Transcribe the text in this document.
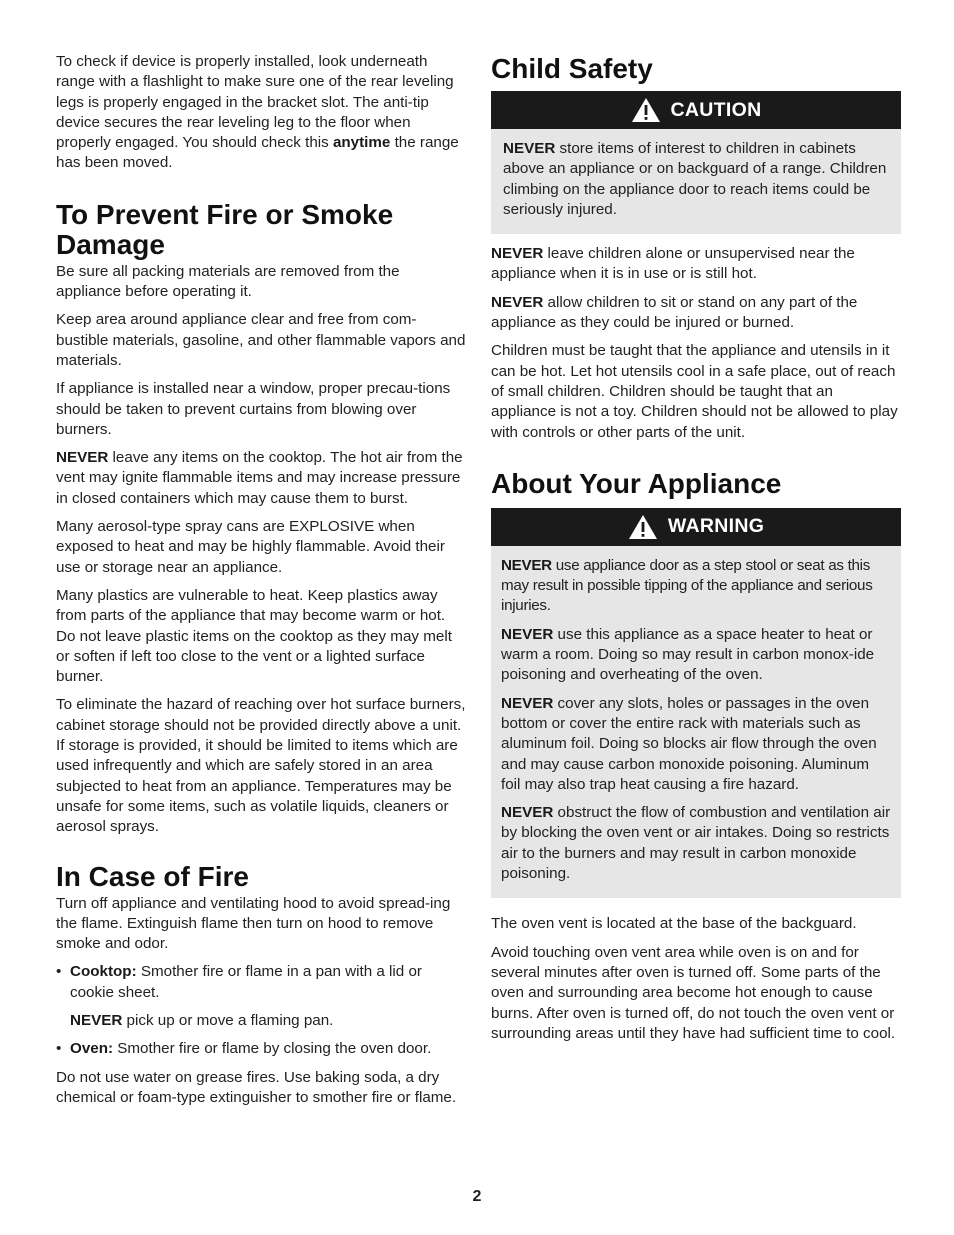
To check if device is properly installed, look underneath range with a flashlight to make sure one of the rear leveling legs is properly engaged in the bracket slot. The anti-tip device secures the rear leveling leg to the floor when properly engaged. You should check this anytime the range has been moved.

To Prevent Fire or Smoke Damage

Be sure all packing materials are removed from the appliance before operating it.

Keep area around appliance clear and free from com-bustible materials, gasoline, and other flammable vapors and materials.

If appliance is installed near a window, proper precau-tions should be taken to prevent curtains from blowing over burners.

NEVER leave any items on the cooktop. The hot air from the vent may ignite flammable items and may increase pressure in closed containers which may cause them to burst.

Many aerosol-type spray cans are EXPLOSIVE when exposed to heat and may be highly flammable. Avoid their use or storage near an appliance.

Many plastics are vulnerable to heat. Keep plastics away from parts of the appliance that may become warm or hot. Do not leave plastic items on the cooktop as they may melt or soften if left too close to the vent or a lighted surface burner.

To eliminate the hazard of reaching over hot surface burners, cabinet storage should not be provided directly above a unit. If storage is provided, it should be limited to items which are used infrequently and which are safely stored in an area subjected to heat from an appliance. Temperatures may be unsafe for some items, such as volatile liquids, cleaners or aerosol sprays.

In Case of Fire

Turn off appliance and ventilating hood to avoid spread-ing the flame. Extinguish flame then turn on hood to remove smoke and odor.

• Cooktop: Smother fire or flame in a pan with a lid or cookie sheet.

NEVER pick up or move a flaming pan.

• Oven: Smother fire or flame by closing the oven door.

Do not use water on grease fires. Use baking soda, a dry chemical or foam-type extinguisher to smother fire or flame.

Child Safety
CAUTION

NEVER store items of interest to children in cabinets above an appliance or on backguard of a range. Children climbing on the appliance door to reach items could be seriously injured.

NEVER leave children alone or unsupervised near the appliance when it is in use or is still hot.

NEVER allow children to sit or stand on any part of the appliance as they could be injured or burned.

Children must be taught that the appliance and utensils in it can be hot. Let hot utensils cool in a safe place, out of reach of small children. Children should be taught that an appliance is not a toy. Children should not be allowed to play with controls or other parts of the unit.

About Your Appliance
WARNING

NEVER use appliance door as a step stool or seat as this may result in possible tipping of the appliance and serious injuries.

NEVER use this appliance as a space heater to heat or warm a room. Doing so may result in carbon monox-ide poisoning and overheating of the oven.

NEVER cover any slots, holes or passages in the oven bottom or cover the entire rack with materials such as aluminum foil. Doing so blocks air flow through the oven and may cause carbon monoxide poisoning. Aluminum foil may also trap heat causing a fire hazard.

NEVER obstruct the flow of combustion and ventilation air by blocking the oven vent or air intakes. Doing so restricts air to the burners and may result in carbon monoxide poisoning.

The oven vent is located at the base of the backguard.

Avoid touching oven vent area while oven is on and for several minutes after oven is turned off. Some parts of the oven and surrounding area become hot enough to cause burns. After oven is turned off, do not touch the oven vent or surrounding areas until they have had sufficient time to cool.

2
